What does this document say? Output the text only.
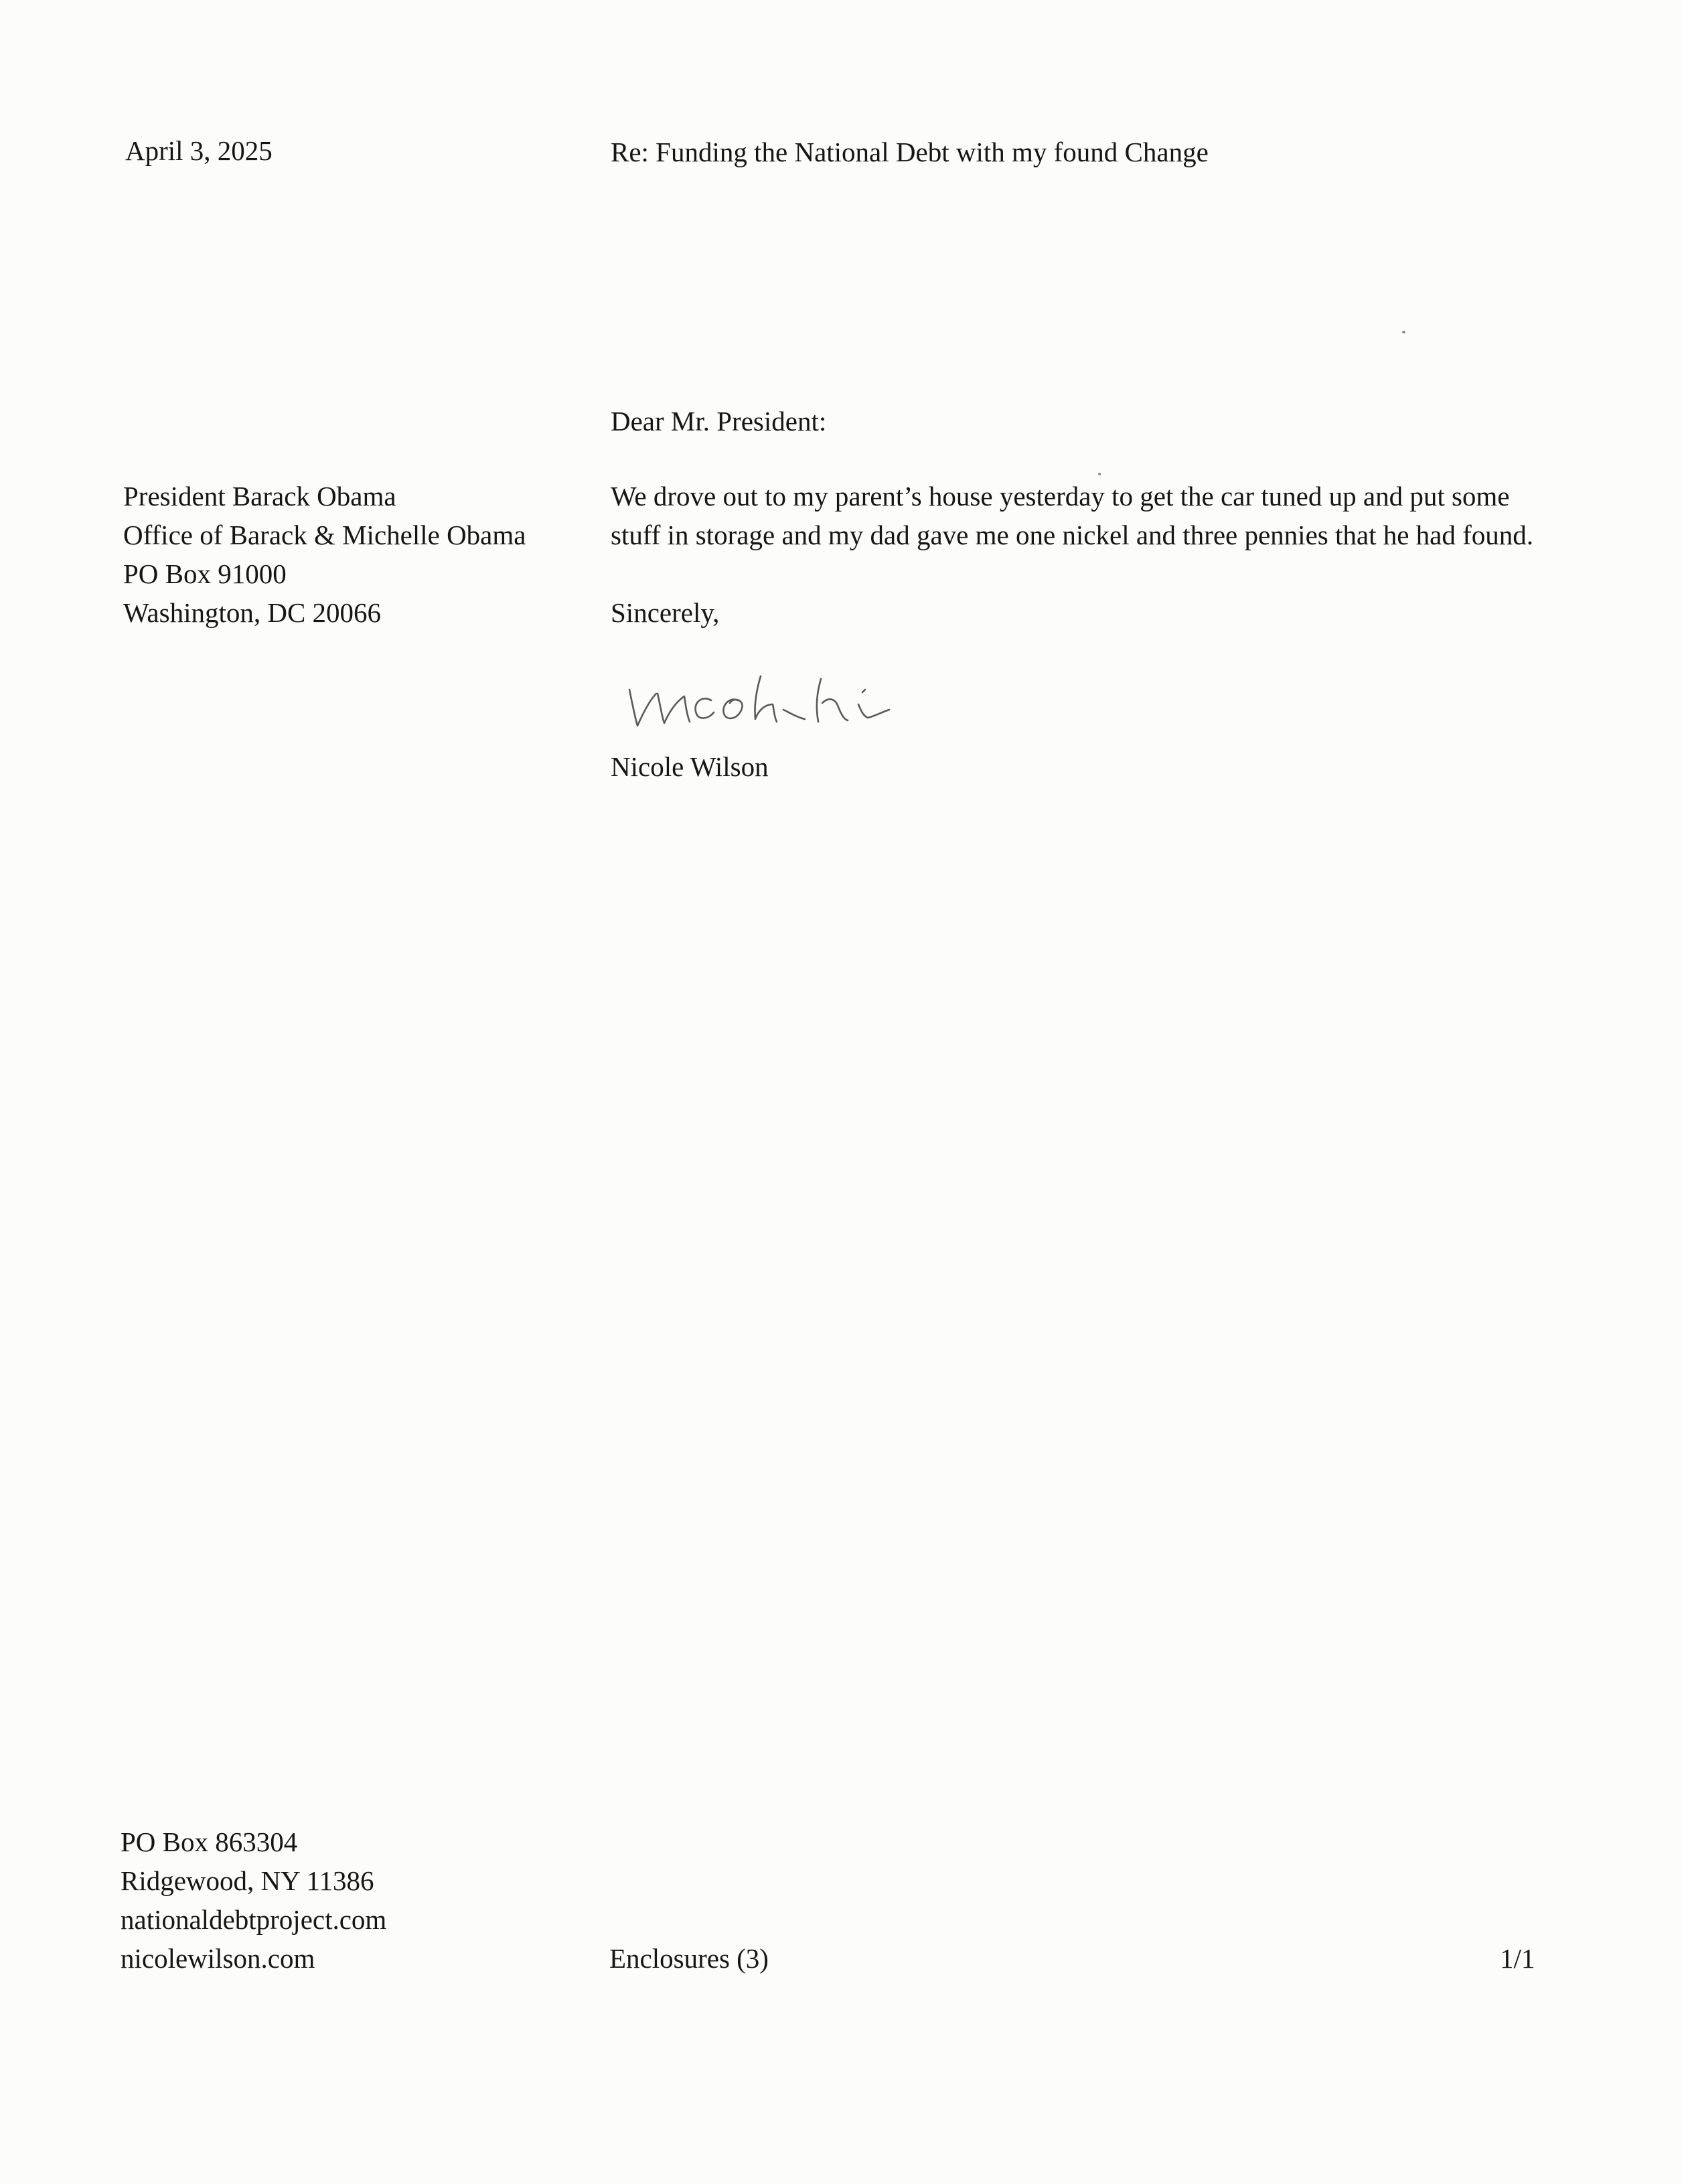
April 3, 2025	Re: Funding the National Debt with my found Change

Dear Mr. President:

President Barack Obama
Office of Barack & Michelle Obama
PO Box 91000
Washington, DC 20066
We drove out to my parent’s house yesterday to get the car tuned up and put some
stuff in storage and my dad gave me one nickel and three pennies that he had found.

Sincerely,

Nicole Wilson

PO Box 863304
Ridgewood, NY 11386
nationaldebtproject.com
nicolewilson.com	Enclosures (3)	1/1
